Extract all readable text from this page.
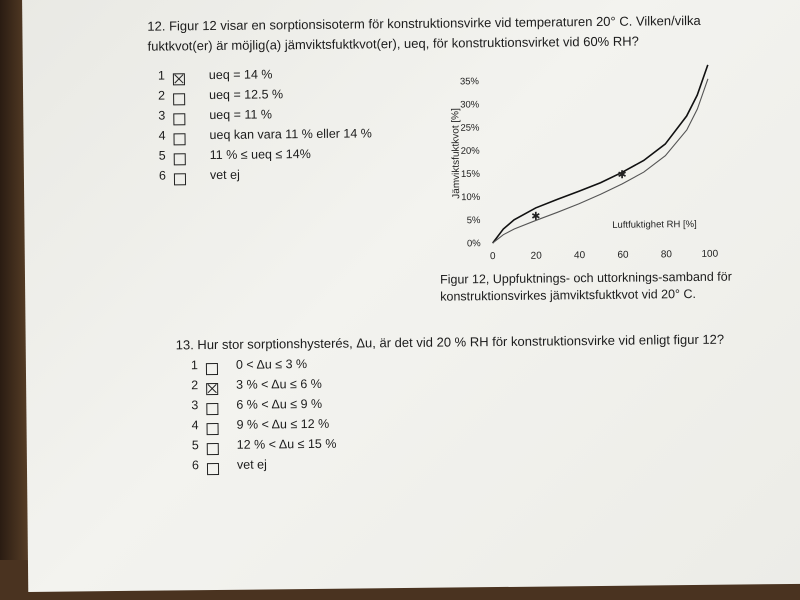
12. Figur 12 visar en sorptionsisoterm för konstruktionsvirke vid temperaturen 20° C. Vilken/vilka fuktkvot(er) är möjlig(a) jämviktsfuktkvot(er), ueq, för konstruktionsvirket vid 60% RH?
1	ueq = 14 %
2	ueq = 12.5 %
3	ueq = 11 %
4	ueq kan vara 11 % eller 14 %
5	11 % ≤ ueq ≤ 14%
6	vet ej	Jämviktsfuktkvot [%]
Luftfuktighet RH [%]
0%
5%
10%
15%
20%
25%
30%
35%
0	20	40	60	80	100
✱
✱
Figur 12, Uppfuktnings- och uttorknings-samband för konstruktionsvirkes jämviktsfuktkvot vid 20° C.
13. Hur stor sorptionshysterés, Δu, är det vid 20 % RH för konstruktionsvirke vid enligt figur 12?
1	0 < Δu ≤ 3 %
2	3 % < Δu ≤ 6 %
3	6 % < Δu ≤ 9 %
4	9 % < Δu ≤ 12 %
5	12 % < Δu ≤ 15 %
6	vet ej
